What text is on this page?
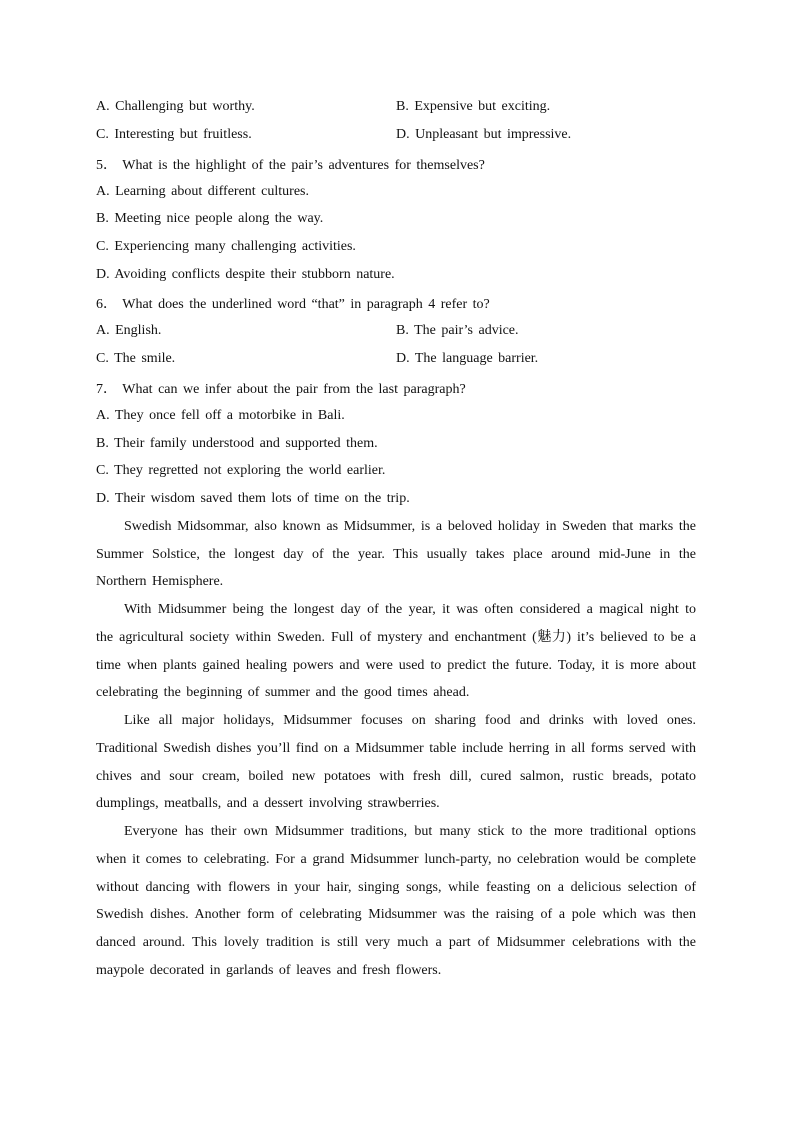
A. Challenging but worthy.	B. Expensive but exciting.
C. Interesting but fruitless.	D. Unpleasant but impressive.
5． What is the highlight of the pair’s adventures for themselves?
A. Learning about different cultures.
B. Meeting nice people along the way.
C. Experiencing many challenging activities.
D. Avoiding conflicts despite their stubborn nature.
6． What does the underlined word “that” in paragraph 4 refer to?
A. English.	B. The pair’s advice.
C. The smile.	D. The language barrier.
7． What can we infer about the pair from the last paragraph?
A. They once fell off a motorbike in Bali.
B. Their family understood and supported them.
C. They regretted not exploring the world earlier.
D. Their wisdom saved them lots of time on the trip.

Swedish Midsommar, also known as Midsummer, is a beloved holiday in Sweden that marks the Summer Solstice, the longest day of the year. This usually takes place around mid-June in the Northern Hemisphere.

With Midsummer being the longest day of the year, it was often considered a magical night to the agricultural society within Sweden. Full of mystery and enchantment (魅力) it’s believed to be a time when plants gained healing powers and were used to predict the future. Today, it is more about celebrating the beginning of summer and the good times ahead.

Like all major holidays, Midsummer focuses on sharing food and drinks with loved ones. Traditional Swedish dishes you’ll find on a Midsummer table include herring in all forms served with chives and sour cream, boiled new potatoes with fresh dill, cured salmon, rustic breads, potato dumplings, meatballs, and a dessert involving strawberries.

Everyone has their own Midsummer traditions, but many stick to the more traditional options when it comes to celebrating. For a grand Midsummer lunch-party, no celebration would be complete without dancing with flowers in your hair, singing songs, while feasting on a delicious selection of Swedish dishes. Another form of celebrating Midsummer was the raising of a pole which was then danced around. This lovely tradition is still very much a part of Midsummer celebrations with the maypole decorated in garlands of leaves and fresh flowers.
